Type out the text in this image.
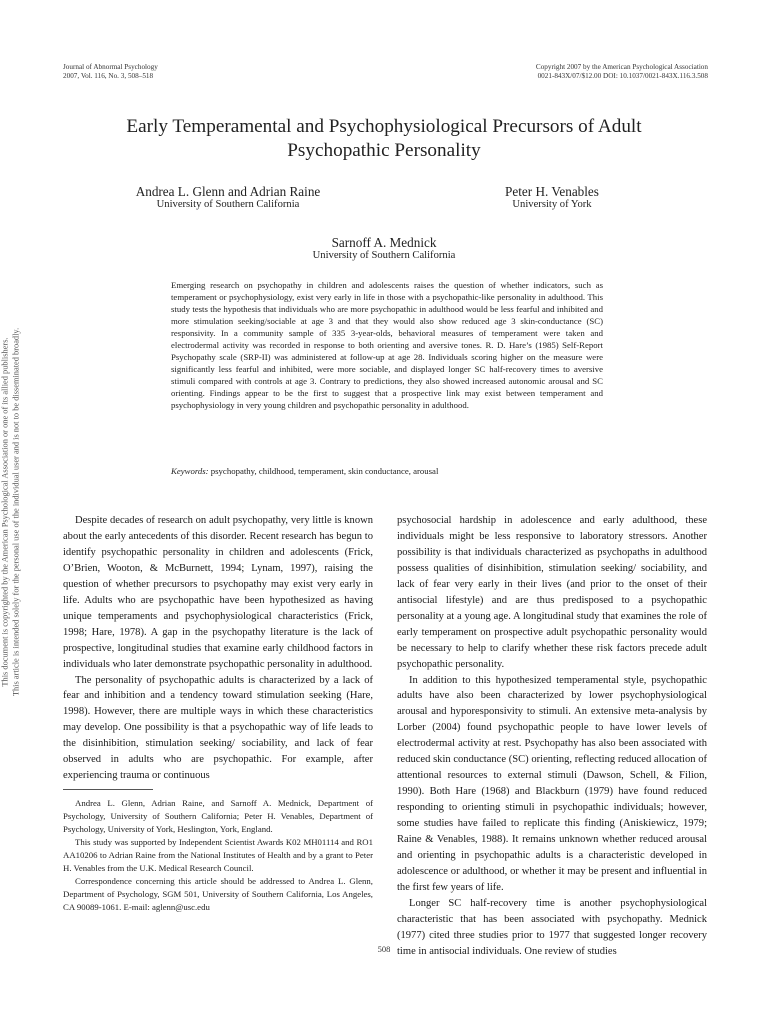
Journal of Abnormal Psychology
2007, Vol. 116, No. 3, 508–518
Copyright 2007 by the American Psychological Association
0021-843X/07/$12.00 DOI: 10.1037/0021-843X.116.3.508
This document is copyrighted by the American Psychological Association or one of its allied publishers. This article is intended solely for the personal use of the individual user and is not to be disseminated broadly.
Early Temperamental and Psychophysiological Precursors of Adult
Psychopathic Personality
Andrea L. Glenn and Adrian Raine
University of Southern California
Peter H. Venables
University of York
Sarnoff A. Mednick
University of Southern California

Emerging research on psychopathy in children and adolescents raises the question of whether indicators, such as temperament or psychophysiology, exist very early in life in those with a psychopathic-like personality in adulthood. This study tests the hypothesis that individuals who are more psychopathic in adulthood would be less fearful and inhibited and more stimulation seeking/sociable at age 3 and that they would also show reduced age 3 skin-conductance (SC) responsivity. In a community sample of 335 3-year-olds, behavioral measures of temperament were taken and electrodermal activity was recorded in response to both orienting and aversive tones. R. D. Hare’s (1985) Self-Report Psychopathy scale (SRP-II) was administered at follow-up at age 28. Individuals scoring higher on the measure were significantly less fearful and inhibited, were more sociable, and displayed longer SC half-recovery times to aversive stimuli compared with controls at age 3. Contrary to predictions, they also showed increased autonomic arousal and SC orienting. Findings appear to be the first to suggest that a prospective link may exist between temperament and psychophysiology in very young children and psychopathic personality in adulthood.

Keywords: psychopathy, childhood, temperament, skin conductance, arousal

Despite decades of research on adult psychopathy, very little is known about the early antecedents of this disorder. Recent research has begun to identify psychopathic personality in children and adolescents (Frick, O’Brien, Wooton, & McBurnett, 1994; Lynam, 1997), raising the question of whether precursors to psychopathy may exist very early in life. Adults who are psychopathic have been hypothesized as having unique temperaments and psychophysiological characteristics (Frick, 1998; Hare, 1978). A gap in the psychopathy literature is the lack of prospective, longitudinal studies that examine early childhood factors in individuals who later demonstrate psychopathic personality in adulthood.

The personality of psychopathic adults is characterized by a lack of fear and inhibition and a tendency toward stimulation seeking (Hare, 1998). However, there are multiple ways in which these characteristics may develop. One possibility is that a psychopathic way of life leads to the disinhibition, stimulation seeking/ sociability, and lack of fear observed in adults who are psychopathic. For example, after experiencing trauma or continuous

psychosocial hardship in adolescence and early adulthood, these individuals might be less responsive to laboratory stressors. Another possibility is that individuals characterized as psychopaths in adulthood possess qualities of disinhibition, stimulation seeking/ sociability, and lack of fear very early in their lives (and prior to the onset of their antisocial lifestyle) and are thus predisposed to a psychopathic personality at a young age. A longitudinal study that examines the role of early temperament on prospective adult psychopathic personality would be necessary to help to clarify whether these risk factors precede adult psychopathic personality.

In addition to this hypothesized temperamental style, psychopathic adults have also been characterized by lower psychophysiological arousal and hyporesponsivity to stimuli. An extensive meta-analysis by Lorber (2004) found psychopathic people to have lower levels of electrodermal activity at rest. Psychopathy has also been associated with reduced skin conductance (SC) orienting, reflecting reduced allocation of attentional resources to external stimuli (Dawson, Schell, & Filion, 1990). Both Hare (1968) and Blackburn (1979) have found reduced responding to orienting stimuli in psychopathic individuals; however, some studies have failed to replicate this finding (Aniskiewicz, 1979; Raine & Venables, 1988). It remains unknown whether reduced arousal and orienting in psychopathic adults is a characteristic developed in adolescence or adulthood, or whether it may be present and influential in the first few years of life.

Longer SC half-recovery time is another psychophysiological characteristic that has been associated with psychopathy. Mednick (1977) cited three studies prior to 1977 that suggested longer recovery time in antisocial individuals. One review of studies

Andrea L. Glenn, Adrian Raine, and Sarnoff A. Mednick, Department of Psychology, University of Southern California; Peter H. Venables, Department of Psychology, University of York, Heslington, York, England.

This study was supported by Independent Scientist Awards K02 MH01114 and RO1 AA10206 to Adrian Raine from the National Institutes of Health and by a grant to Peter H. Venables from the U.K. Medical Research Council.

Correspondence concerning this article should be addressed to Andrea L. Glenn, Department of Psychology, SGM 501, University of Southern California, Los Angeles, CA 90089-1061. E-mail: aglenn@usc.edu

508
